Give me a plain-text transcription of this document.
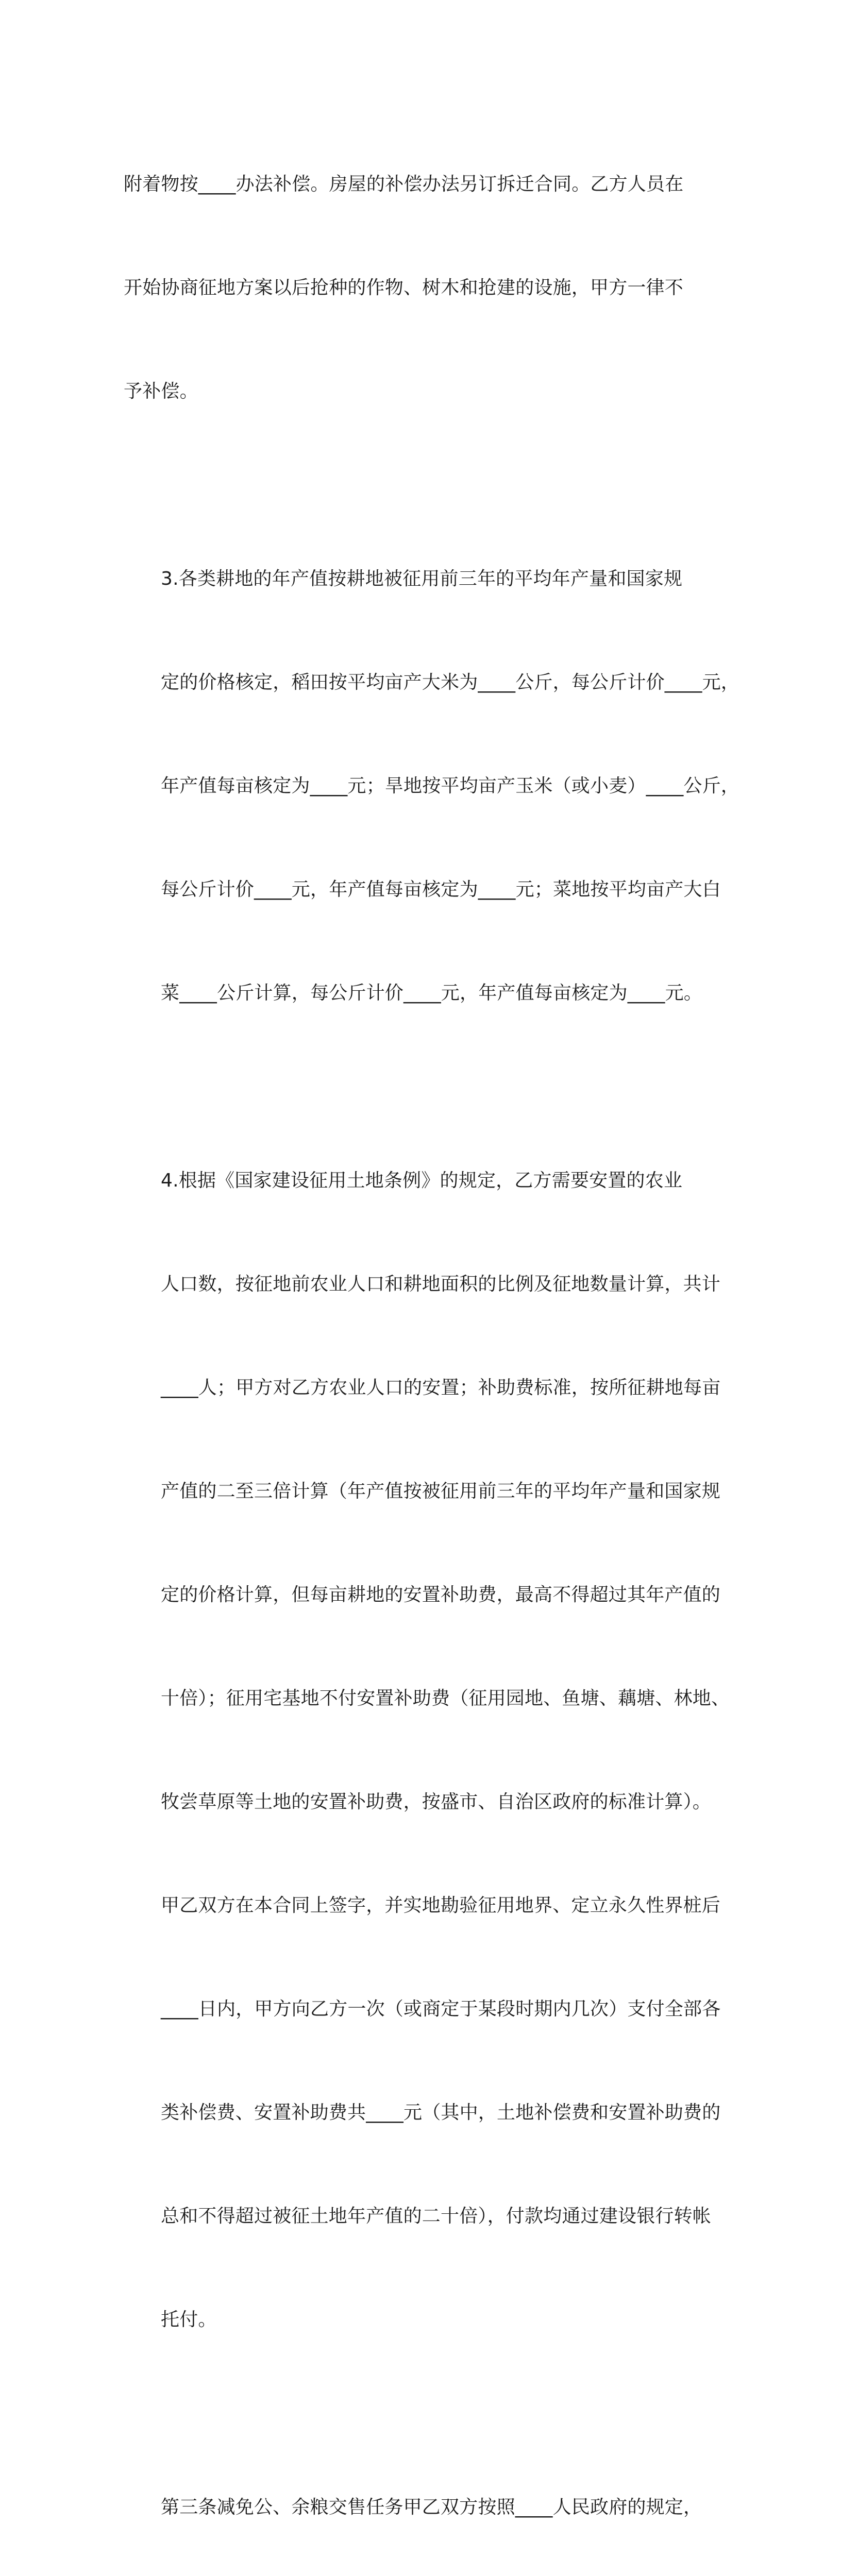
附着物按____办法补偿。房屋的补偿办法另订拆迁合同。乙方人员在

开始协商征地方案以后抢种的作物、树木和抢建的设施，甲方一律不

予补偿。

3.各类耕地的年产值按耕地被征用前三年的平均年产量和国家规

定的价格核定，稻田按平均亩产大米为____公斤，每公斤计价____元，

年产值每亩核定为____元；旱地按平均亩产玉米（或小麦）____公斤，

每公斤计价____元，年产值每亩核定为____元；菜地按平均亩产大白

菜____公斤计算，每公斤计价____元，年产值每亩核定为____元。

4.根据《国家建设征用土地条例》的规定，乙方需要安置的农业

人口数，按征地前农业人口和耕地面积的比例及征地数量计算，共计

____人；甲方对乙方农业人口的安置；补助费标准，按所征耕地每亩

产值的二至三倍计算（年产值按被征用前三年的平均年产量和国家规

定的价格计算，但每亩耕地的安置补助费，最高不得超过其年产值的

十倍）；征用宅基地不付安置补助费（征用园地、鱼塘、藕塘、林地、

牧尝草原等土地的安置补助费，按盛市、自治区政府的标准计算）。

甲乙双方在本合同上签字，并实地勘验征用地界、定立永久性界桩后

____日内，甲方向乙方一次（或商定于某段时期内几次）支付全部各

类补偿费、安置补助费共____元（其中，土地补偿费和安置补助费的

总和不得超过被征土地年产值的二十倍），付款均通过建设银行转帐

托付。

第三条减免公、余粮交售任务甲乙双方按照____人民政府的规定，
